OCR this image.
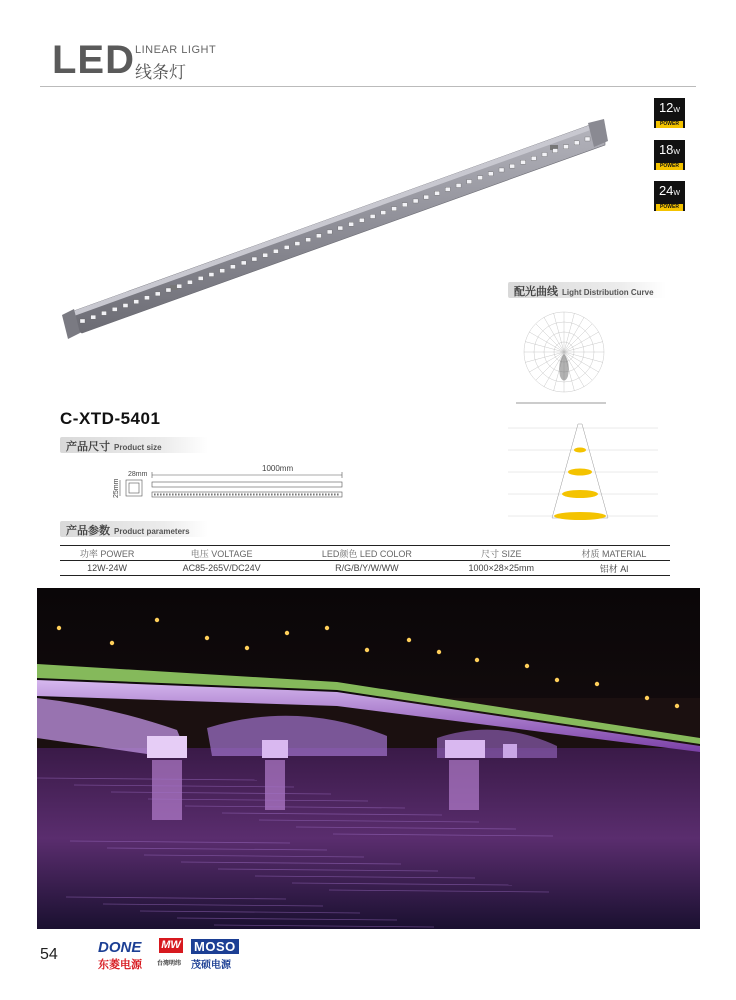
LED LINEAR LIGHT
线条灯
12W
POWER
18W
POWER
24W
POWER
配光曲线 Light Distribution Curve
C-XTD-5401
产品尺寸 Product size
28mm
25mm
1000mm
产品参数 Product parameters
功率 POWER	电压 VOLTAGE	LED颜色 LED COLOR	尺寸 SIZE	材质 MATERIAL
12W-24W	AC85-265V/DC24V	R/G/B/Y/W/WW	1000×28×25mm	铝材 Al
54	DONE
东菱电源
MW
台湾明纬
MOSO
茂硕电源
